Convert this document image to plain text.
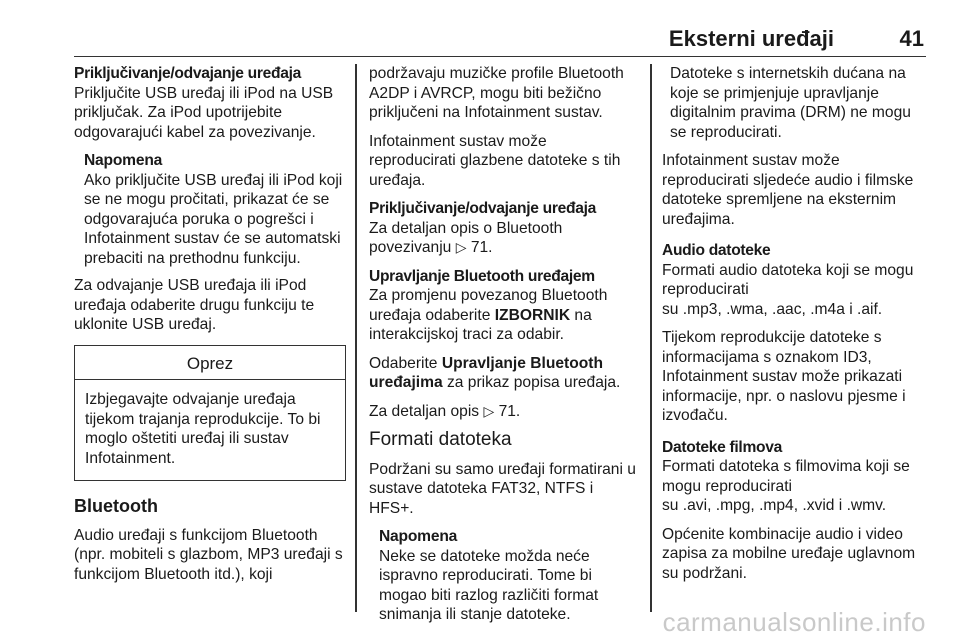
Eksterni uređaji	41
Priključivanje/odvajanje uređaja

Priključite USB uređaj ili iPod na USB priključak. Za iPod upotrijebite odgovarajući kabel za povezivanje.

Napomena
Ako priključite USB uređaj ili iPod koji se ne mogu pročitati, prikazat će se odgovarajuća poruka o pogrešci i Infotainment sustav će se automatski prebaciti na prethodnu funkciju.

Za odvajanje USB uređaja ili iPod uređaja odaberite drugu funkciju te uklonite USB uređaj.

Oprez
Izbjegavajte odvajanje uređaja tijekom trajanja reprodukcije. To bi moglo oštetiti uređaj ili sustav Infotainment.
Bluetooth

Audio uređaji s funkcijom Bluetooth (npr. mobiteli s glazbom, MP3 uređaji s funkcijom Bluetooth itd.), koji

podržavaju muzičke profile Bluetooth A2DP i AVRCP, mogu biti bežično priključeni na Infotainment sustav.

Infotainment sustav može reproducirati glazbene datoteke s tih uređaja.

Priključivanje/odvajanje uređaja

Za detaljan opis o Bluetooth povezivanju ▷ 71.

Upravljanje Bluetooth uređajem

Za promjenu povezanog Bluetooth uređaja odaberite IZBORNIK na interakcijskoj traci za odabir.

Odaberite Upravljanje Bluetooth uređajima za prikaz popisa uređaja.

Za detaljan opis ▷ 71.

Formati datoteka

Podržani su samo uređaji formatirani u sustave datoteka FAT32, NTFS i HFS+.

Napomena
Neke se datoteke možda neće ispravno reproducirati. Tome bi mogao biti razlog različiti format snimanja ili stanje datoteke.

Datoteke s internetskih dućana na koje se primjenjuje upravljanje digitalnim pravima (DRM) ne mogu se reproducirati.

Infotainment sustav može reproducirati sljedeće audio i filmske datoteke spremljene na eksternim uređajima.

Audio datoteke
Formati audio datoteka koji se mogu reproducirati

su .mp3, .wma, .aac, .m4a i .aif.

Tijekom reprodukcije datoteke s informacijama s oznakom ID3, Infotainment sustav može prikazati informacije, npr. o naslovu pjesme i izvođaču.

Datoteke filmova
Formati datoteka s filmovima koji se mogu reproducirati

su .avi, .mpg, .mp4, .xvid i .wmv.

Općenite kombinacije audio i video zapisa za mobilne uređaje uglavnom su podržani.

carmanualsonline.info
